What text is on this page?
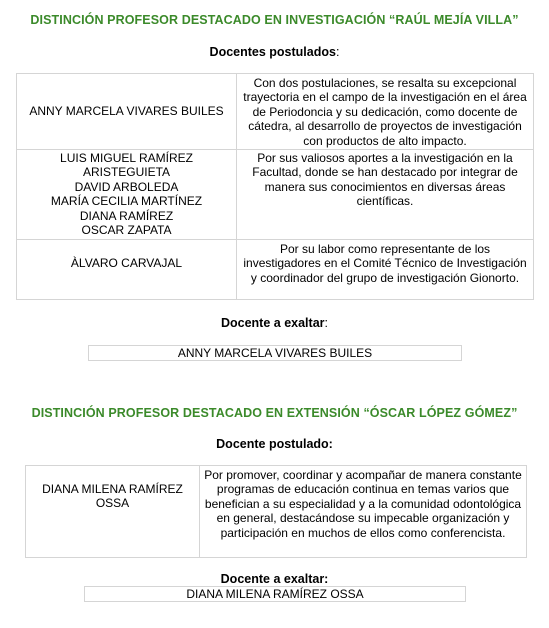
DISTINCIÓN PROFESOR DESTACADO EN INVESTIGACIÓN “RAÚL MEJÍA VILLA”
Docentes postulados:
ANNY MARCELA VIVARES BUILES	Con dos postulaciones, se resalta su excepcional trayectoria en el campo de la investigación en el área de Periodoncia y su dedicación, como docente de cátedra, al desarrollo de proyectos de investigación con productos de alto impacto.

LUIS MIGUEL RAMÍREZ ARISTEGUIETA
DAVID ARBOLEDA
MARÍA CECILIA MARTÍNEZ
DIANA RAMÍREZ
OSCAR ZAPATA	Por sus valiosos aportes a la investigación en la Facultad, donde se han destacado por integrar de manera sus conocimientos en diversas áreas científicas.
ÀLVARO CARVAJAL	Por su labor como representante de los investigadores en el Comité Técnico de Investigación y coordinador del grupo de investigación Gionorto.
Docente a exaltar:
ANNY MARCELA VIVARES BUILES
DISTINCIÓN PROFESOR DESTACADO EN EXTENSIÓN “ÓSCAR LÓPEZ GÓMEZ”
Docente postulado:
DIANA MILENA RAMÍREZ OSSA	Por promover, coordinar y acompañar de manera constante programas de educación continua en temas varios que benefician a su especialidad y a la comunidad odontológica en general, destacándose su impecable organización y participación en muchos de ellos como conferencista.
Docente a exaltar:
DIANA MILENA RAMÍREZ OSSA
